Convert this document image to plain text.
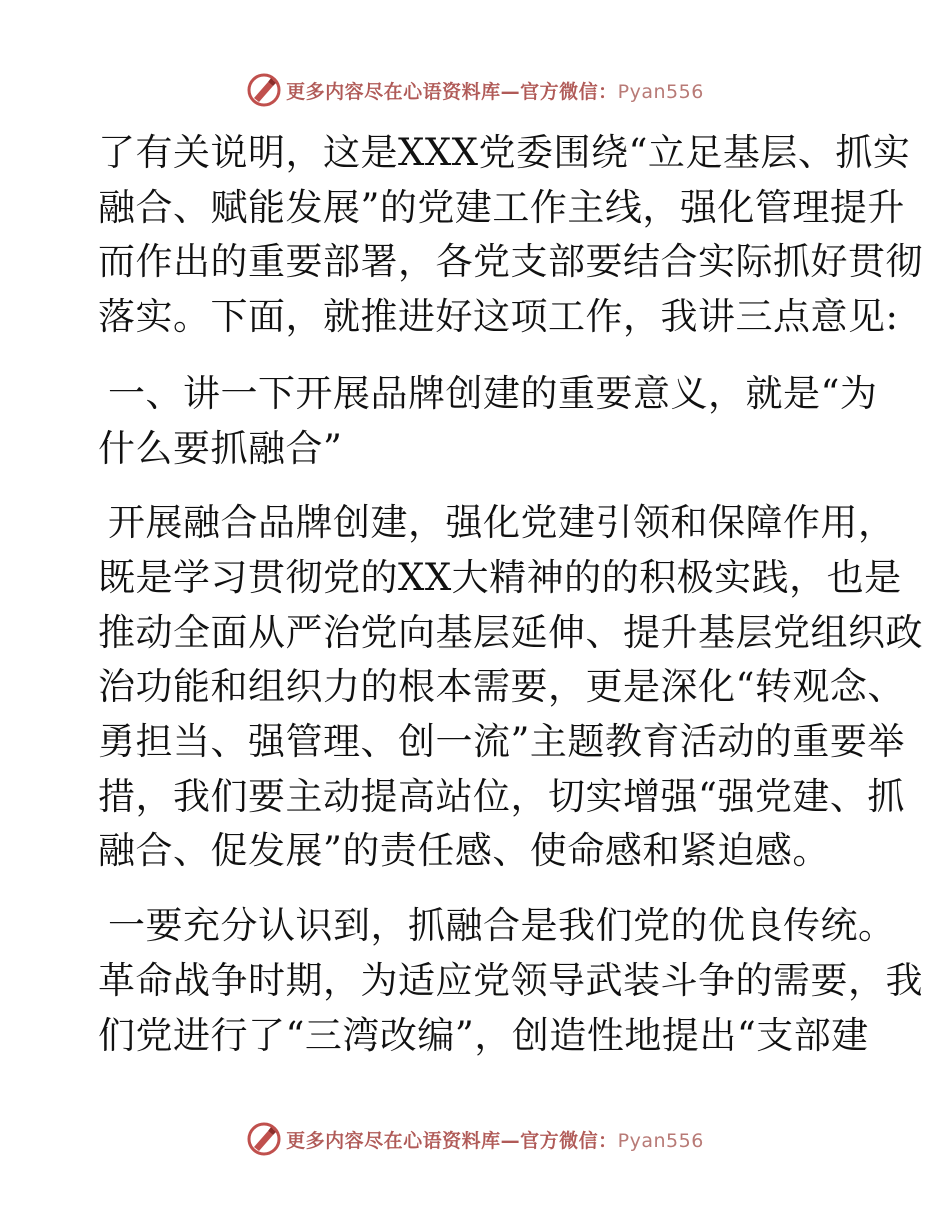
更多内容尽在心语资料库—官方微信：Pyan556

了有关说明，这是XXX党委围绕“立足基层、抓实
融合、赋能发展”的党建工作主线，强化管理提升
而作出的重要部署，各党支部要结合实际抓好贯彻
落实。下面，就推进好这项工作，我讲三点意见:

一、讲一下开展品牌创建的重要意义，就是“为
什么要抓融合”

开展融合品牌创建，强化党建引领和保障作用，
既是学习贯彻党的XX大精神的的积极实践，也是
推动全面从严治党向基层延伸、提升基层党组织政
治功能和组织力的根本需要，更是深化“转观念、
勇担当、强管理、创一流”主题教育活动的重要举
措，我们要主动提高站位，切实增强“强党建、抓
融合、促发展”的责任感、使命感和紧迫感。

一要充分认识到，抓融合是我们党的优良传统。
革命战争时期，为适应党领导武装斗争的需要，我
们党进行了“三湾改编”，创造性地提出“支部建

更多内容尽在心语资料库—官方微信：Pyan556
